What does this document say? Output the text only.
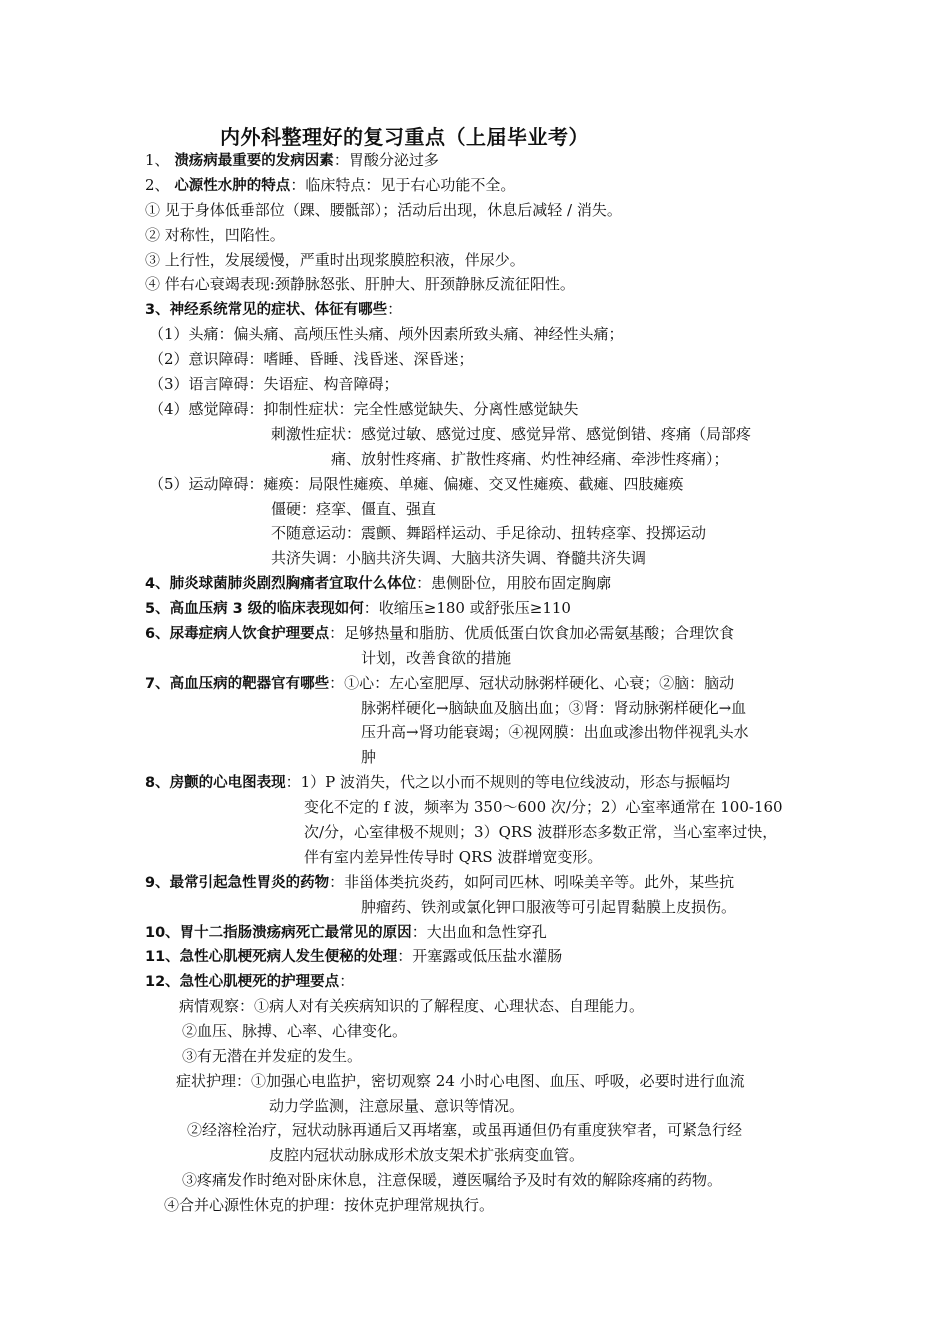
内外科整理好的复习重点（上届毕业考）
1、 溃疡病最重要的发病因素：胃酸分泌过多
2、 心源性水肿的特点：临床特点：见于右心功能不全。
① 见于身体低垂部位（踝、腰骶部）；活动后出现，休息后减轻 / 消失。
② 对称性，凹陷性。
③ 上行性，发展缓慢，严重时出现浆膜腔积液，伴尿少。
④ 伴右心衰竭表现:颈静脉怒张、肝肿大、肝颈静脉反流征阳性。
3、神经系统常见的症状、体征有哪些：
（1）头痛：偏头痛、高颅压性头痛、颅外因素所致头痛、神经性头痛；
（2）意识障碍：嗜睡、昏睡、浅昏迷、深昏迷；
（3）语言障碍：失语症、构音障碍；
（4）感觉障碍：抑制性症状：完全性感觉缺失、分离性感觉缺失
刺激性症状：感觉过敏、感觉过度、感觉异常、感觉倒错、疼痛（局部疼
痛、放射性疼痛、扩散性疼痛、灼性神经痛、牵涉性疼痛）；
（5）运动障碍：瘫痪：局限性瘫痪、单瘫、偏瘫、交叉性瘫痪、截瘫、四肢瘫痪
僵硬：痉挛、僵直、强直
不随意运动：震颤、舞蹈样运动、手足徐动、扭转痉挛、投掷运动
共济失调：小脑共济失调、大脑共济失调、脊髓共济失调
4、肺炎球菌肺炎剧烈胸痛者宜取什么体位：患侧卧位，用胶布固定胸廓
5、高血压病 3 级的临床表现如何：收缩压≥180 或舒张压≥110
6、尿毒症病人饮食护理要点：足够热量和脂肪、优质低蛋白饮食加必需氨基酸；合理饮食
计划，改善食欲的措施
7、高血压病的靶器官有哪些：①心：左心室肥厚、冠状动脉粥样硬化、心衰；②脑：脑动
脉粥样硬化→脑缺血及脑出血；③肾：肾动脉粥样硬化→血
压升高→肾功能衰竭；④视网膜：出血或渗出物伴视乳头水
肿
8、房颤的心电图表现：1）P 波消失，代之以小而不规则的等电位线波动，形态与振幅均
变化不定的 f 波，频率为 350～600 次/分；2）心室率通常在 100-160
次/分，心室律极不规则；3）QRS 波群形态多数正常，当心室率过快，
伴有室内差异性传导时 QRS 波群增宽变形。
9、最常引起急性胃炎的药物：非甾体类抗炎药，如阿司匹林、吲哚美辛等。此外，某些抗
肿瘤药、铁剂或氯化钾口服液等可引起胃黏膜上皮损伤。
10、胃十二指肠溃疡病死亡最常见的原因：大出血和急性穿孔
11、急性心肌梗死病人发生便秘的处理：开塞露或低压盐水灌肠
12、急性心肌梗死的护理要点：
病情观察：①病人对有关疾病知识的了解程度、心理状态、自理能力。
②血压、脉搏、心率、心律变化。
③有无潜在并发症的发生。
症状护理：①加强心电监护，密切观察 24 小时心电图、血压、呼吸，必要时进行血流
动力学监测，注意尿量、意识等情况。
②经溶栓治疗，冠状动脉再通后又再堵塞，或虽再通但仍有重度狭窄者，可紧急行经
皮腔内冠状动脉成形术放支架术扩张病变血管。
③疼痛发作时绝对卧床休息，注意保暖，遵医嘱给予及时有效的解除疼痛的药物。
④合并心源性休克的护理：按休克护理常规执行。
